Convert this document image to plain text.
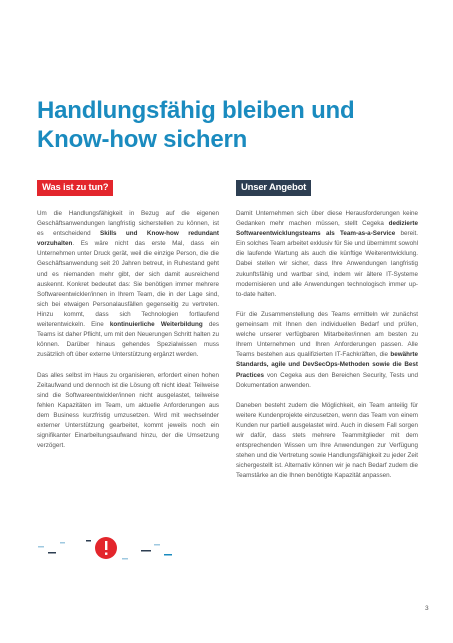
Handlungsfähig bleiben und
Know-how sichern
Was ist zu tun?	Unser Angebot

Um die Handlungsfähigkeit in Bezug auf die eigenen Geschäftsanwendungen langfristig sicherstellen zu können, ist es entscheidend Skills und Know-how redundant vorzuhalten. Es wäre nicht das erste Mal, dass ein Unternehmen unter Druck gerät, weil die einzige Person, die die Geschäftsanwendung seit 20 Jahren betreut, in Ruhestand geht und es niemanden mehr gibt, der sich damit ausreichend auskennt. Konkret bedeutet das: Sie benötigen immer mehrere Softwareentwickler/innen in Ihrem Team, die in der Lage sind, sich bei etwaigen Personalausfällen gegenseitig zu vertreten. Hinzu kommt, dass sich Technologien fortlaufend weiterentwickeln. Eine kontinuierliche Weiterbildung des Teams ist daher Pflicht, um mit den Neuerungen Schritt halten zu können. Darüber hinaus gehendes Spezialwissen muss zusätzlich oft über externe Unterstützung ergänzt werden.

Das alles selbst im Haus zu organisieren, erfordert einen hohen Zeitaufwand und dennoch ist die Lösung oft nicht ideal: Teilweise sind die Softwareentwickler/innen nicht ausgelastet, teilweise fehlen Kapazitäten im Team, um aktuelle Anforderungen aus dem Business kurzfristig umzusetzen. Wird mit wechselnder externer Unterstützung gearbeitet, kommt jeweils noch ein signifikanter Einarbeitungsaufwand hinzu, der die Umsetzung verzögert.

Damit Unternehmen sich über diese Herausforderungen keine Gedanken mehr machen müssen, stellt Cegeka dedizierte Softwareentwicklungsteams als Team-as-a-Service bereit. Ein solches Team arbeitet exklusiv für Sie und übernimmt sowohl die laufende Wartung als auch die künftige Weiterentwicklung. Dabei stellen wir sicher, dass Ihre Anwendungen langfristig zukunftsfähig und wartbar sind, indem wir ältere IT-Systeme modernisieren und alle Anwendungen technologisch immer up-to-date halten.

Für die Zusammenstellung des Teams ermitteln wir zunächst gemeinsam mit Ihnen den individuellen Bedarf und prüfen, welche unserer verfügbaren Mitarbeiter/innen am besten zu Ihrem Unternehmen und Ihren Anforderungen passen. Alle Teams bestehen aus qualifizierten IT-Fachkräften, die bewährte Standards, agile und DevSecOps-Methoden sowie die Best Practices von Cegeka aus den Bereichen Security, Tests und Dokumentation anwenden.

Daneben besteht zudem die Möglichkeit, ein Team anteilig für weitere Kundenprojekte einzusetzen, wenn das Team von einem Kunden nur partiell ausgelastet wird. Auch in diesem Fall sorgen wir dafür, dass stets mehrere Teammitglieder mit dem entsprechenden Wissen um Ihre Anwendungen zur Verfügung stehen und die Vertretung sowie Handlungsfähigkeit zu jeder Zeit sichergestellt ist. Alternativ können wir je nach Bedarf zudem die Teamstärke an die Ihnen benötigte Kapazität anpassen.

3
